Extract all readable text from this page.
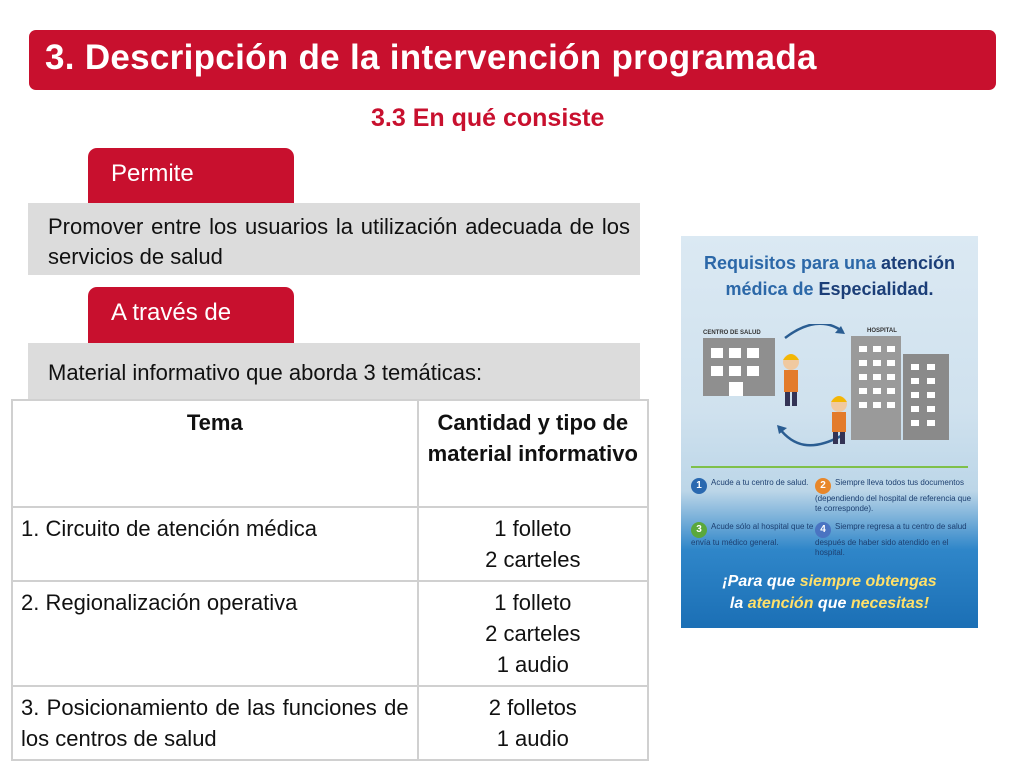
3. Descripción de la intervención programada
3.3 En qué consiste
Permite

Promover entre los usuarios la utilización adecuada de los servicios de salud

A través de

Material informativo que aborda 3 temáticas:

Tema	Cantidad y tipo de material informativo
1. Circuito de atención médica	1 folleto
2 carteles

2. Regionalización operativa	1 folleto
2 carteles
1 audio

3. Posicionamiento de las funciones de los centros de salud	2 folletos
1 audio
Requisitos para una atención
médica de Especialidad.
CENTRO DE SALUD	HOSPITAL
1 Acude a tu centro de salud.	2 Siempre lleva todos tus documentos (dependiendo del hospital de referencia que te corresponde).
3 Acude sólo al hospital que te envía tu médico general.
4 Siempre regresa a tu centro de salud después de haber sido atendido en el hospital.
¡Para que siempre obtengas
la atención que necesitas!
